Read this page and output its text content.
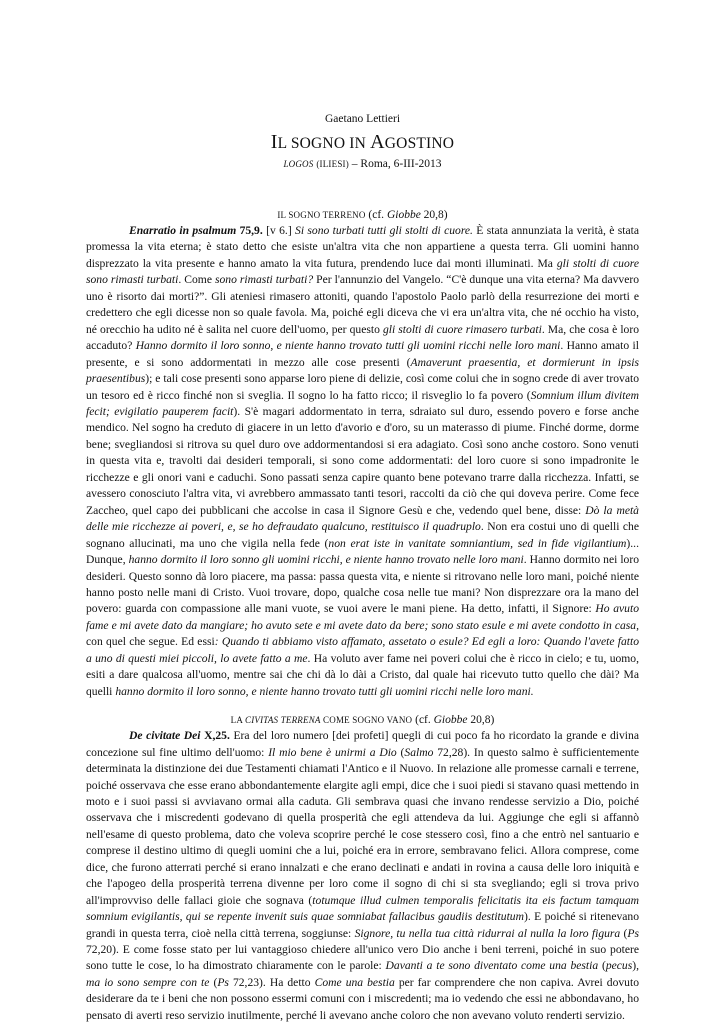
Gaetano Lettieri
IL SOGNO IN AGOSTINO
LOGOS (ILIESI) – Roma, 6-III-2013
IL SOGNO TERRENO (cf. Giobbe 20,8)

Enarratio in psalmum 75,9. [v 6.] Si sono turbati tutti gli stolti di cuore. È stata annunziata la verità, è stata promessa la vita eterna; è stato detto che esiste un'altra vita che non appartiene a questa terra. Gli uomini hanno disprezzato la vita presente e hanno amato la vita futura, prendendo luce dai monti illuminati. Ma gli stolti di cuore sono rimasti turbati. Come sono rimasti turbati? Per l'annunzio del Vangelo. “C'è dunque una vita eterna? Ma davvero uno è risorto dai morti?”. Gli ateniesi rimasero attoniti, quando l'apostolo Paolo parlò della resurrezione dei morti e credettero che egli dicesse non so quale favola. Ma, poiché egli diceva che vi era un'altra vita, che né occhio ha visto, né orecchio ha udito né è salita nel cuore dell'uomo, per questo gli stolti di cuore rimasero turbati. Ma, che cosa è loro accaduto? Hanno dormito il loro sonno, e niente hanno trovato tutti gli uomini ricchi nelle loro mani. Hanno amato il presente, e si sono addormentati in mezzo alle cose presenti (Amaverunt praesentia, et dormierunt in ipsis praesentibus); e tali cose presenti sono apparse loro piene di delizie, così come colui che in sogno crede di aver trovato un tesoro ed è ricco finché non si sveglia. Il sogno lo ha fatto ricco; il risveglio lo fa povero (Somnium illum divitem fecit; evigilatio pauperem facit). S'è magari addormentato in terra, sdraiato sul duro, essendo povero e forse anche mendico. Nel sogno ha creduto di giacere in un letto d'avorio e d'oro, su un materasso di piume. Finché dorme, dorme bene; svegliandosi si ritrova su quel duro ove addormentandosi si era adagiato. Così sono anche costoro. Sono venuti in questa vita e, travolti dai desideri temporali, si sono come addormentati: del loro cuore si sono impadronite le ricchezze e gli onori vani e caduchi. Sono passati senza capire quanto bene potevano trarre dalla ricchezza. Infatti, se avessero conosciuto l'altra vita, vi avrebbero ammassato tanti tesori, raccolti da ciò che qui doveva perire. Come fece Zaccheo, quel capo dei pubblicani che accolse in casa il Signore Gesù e che, vedendo quel bene, disse: Dò la metà delle mie ricchezze ai poveri, e, se ho defraudato qualcuno, restituisco il quadruplo. Non era costui uno di quelli che sognano allucinati, ma uno che vigila nella fede (non erat iste in vanitate somniantium, sed in fide vigilantium)... Dunque, hanno dormito il loro sonno gli uomini ricchi, e niente hanno trovato nelle loro mani. Hanno dormito nei loro desideri. Questo sonno dà loro piacere, ma passa: passa questa vita, e niente si ritrovano nelle loro mani, poiché niente hanno posto nelle mani di Cristo. Vuoi trovare, dopo, qualche cosa nelle tue mani? Non disprezzare ora la mano del povero: guarda con compassione alle mani vuote, se vuoi avere le mani piene. Ha detto, infatti, il Signore: Ho avuto fame e mi avete dato da mangiare; ho avuto sete e mi avete dato da bere; sono stato esule e mi avete condotto in casa, con quel che segue. Ed essi: Quando ti abbiamo visto affamato, assetato o esule? Ed egli a loro: Quando l'avete fatto a uno di questi miei piccoli, lo avete fatto a me. Ha voluto aver fame nei poveri colui che è ricco in cielo; e tu, uomo, esiti a dare qualcosa all'uomo, mentre sai che chi dà lo dài a Cristo, dal quale hai ricevuto tutto quello che dài? Ma quelli hanno dormito il loro sonno, e niente hanno trovato tutti gli uomini ricchi nelle loro mani.

LA CIVITAS TERRENA COME SOGNO VANO (cf. Giobbe 20,8)

De civitate Dei X,25. Era del loro numero [dei profeti] quegli di cui poco fa ho ricordato la grande e divina concezione sul fine ultimo dell'uomo: Il mio bene è unirmi a Dio (Salmo 72,28). In questo salmo è sufficientemente determinata la distinzione dei due Testamenti chiamati l'Antico e il Nuovo. In relazione alle promesse carnali e terrene, poiché osservava che esse erano abbondantemente elargite agli empi, dice che i suoi piedi si stavano quasi mettendo in moto e i suoi passi si avviavano ormai alla caduta. Gli sembrava quasi che invano rendesse servizio a Dio, poiché osservava che i miscredenti godevano di quella prosperità che egli attendeva da lui. Aggiunge che egli si affannò nell'esame di questo problema, dato che voleva scoprire perché le cose stessero così, fino a che entrò nel santuario e comprese il destino ultimo di quegli uomini che a lui, poiché era in errore, sembravano felici. Allora comprese, come dice, che furono atterrati perché si erano innalzati e che erano declinati e andati in rovina a causa delle loro iniquità e che l'apogeo della prosperità terrena divenne per loro come il sogno di chi si sta svegliando; egli si trova privo all'improvviso delle fallaci gioie che sognava (totumque illud culmen temporalis felicitatis ita eis factum tamquam somnium evigilantis, qui se repente invenit suis quae somniabat fallacibus gaudiis destitutum). E poiché si ritenevano grandi in questa terra, cioè nella città terrena, soggiunse: Signore, tu nella tua città ridurrai al nulla la loro figura (Ps 72,20). E come fosse stato per lui vantaggioso chiedere all'unico vero Dio anche i beni terreni, poiché in suo potere sono tutte le cose, lo ha dimostrato chiaramente con le parole: Davanti a te sono diventato come una bestia (pecus), ma io sono sempre con te (Ps 72,23). Ha detto Come una bestia per far comprendere che non capiva. Avrei dovuto desiderare da te i beni che non possono essermi comuni con i miscredenti; ma io vedendo che essi ne abbondavano, ho pensato di averti reso servizio inutilmente, perché li avevano anche coloro che non avevano voluto renderti servizio.
